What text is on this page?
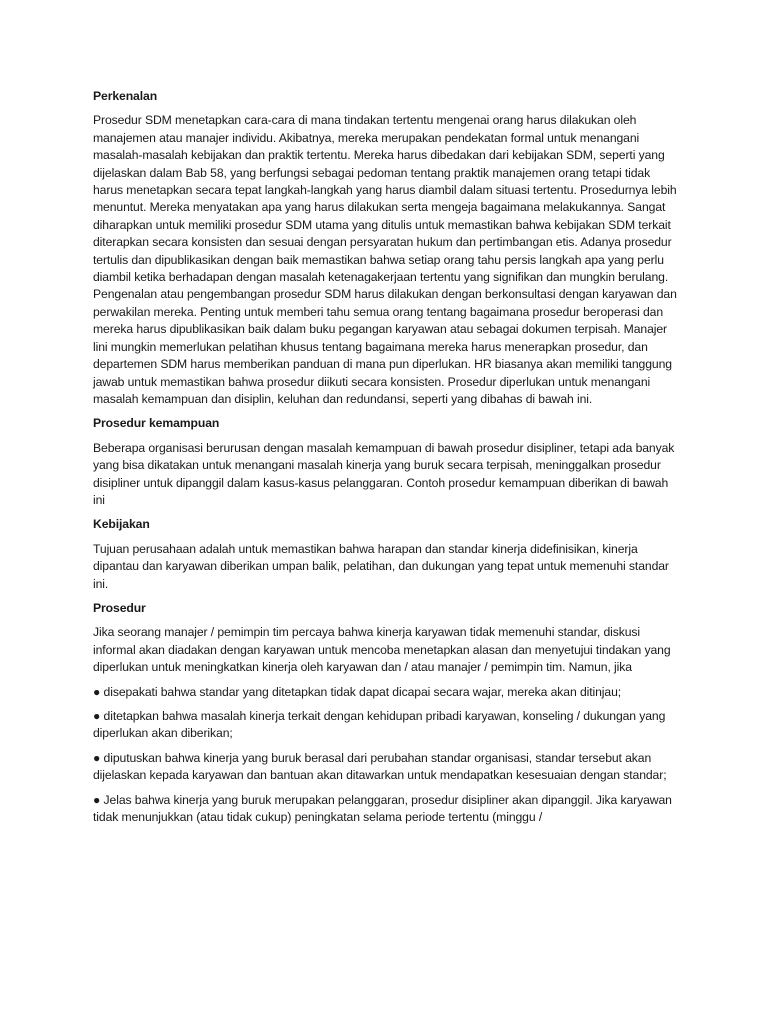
Perkenalan

Prosedur SDM menetapkan cara-cara di mana tindakan tertentu mengenai orang harus dilakukan oleh manajemen atau manajer individu. Akibatnya, mereka merupakan pendekatan formal untuk menangani masalah-masalah kebijakan dan praktik tertentu. Mereka harus dibedakan dari kebijakan SDM, seperti yang dijelaskan dalam Bab 58, yang berfungsi sebagai pedoman tentang praktik manajemen orang tetapi tidak harus menetapkan secara tepat langkah-langkah yang harus diambil dalam situasi tertentu. Prosedurnya lebih menuntut. Mereka menyatakan apa yang harus dilakukan serta mengeja bagaimana melakukannya. Sangat diharapkan untuk memiliki prosedur SDM utama yang ditulis untuk memastikan bahwa kebijakan SDM terkait diterapkan secara konsisten dan sesuai dengan persyaratan hukum dan pertimbangan etis. Adanya prosedur tertulis dan dipublikasikan dengan baik memastikan bahwa setiap orang tahu persis langkah apa yang perlu diambil ketika berhadapan dengan masalah ketenagakerjaan tertentu yang signifikan dan mungkin berulang. Pengenalan atau pengembangan prosedur SDM harus dilakukan dengan berkonsultasi dengan karyawan dan perwakilan mereka. Penting untuk memberi tahu semua orang tentang bagaimana prosedur beroperasi dan mereka harus dipublikasikan baik dalam buku pegangan karyawan atau sebagai dokumen terpisah. Manajer lini mungkin memerlukan pelatihan khusus tentang bagaimana mereka harus menerapkan prosedur, dan departemen SDM harus memberikan panduan di mana pun diperlukan. HR biasanya akan memiliki tanggung jawab untuk memastikan bahwa prosedur diikuti secara konsisten. Prosedur diperlukan untuk menangani masalah kemampuan dan disiplin, keluhan dan redundansi, seperti yang dibahas di bawah ini.

Prosedur kemampuan

Beberapa organisasi berurusan dengan masalah kemampuan di bawah prosedur disipliner, tetapi ada banyak yang bisa dikatakan untuk menangani masalah kinerja yang buruk secara terpisah, meninggalkan prosedur disipliner untuk dipanggil dalam kasus-kasus pelanggaran. Contoh prosedur kemampuan diberikan di bawah ini

Kebijakan

Tujuan perusahaan adalah untuk memastikan bahwa harapan dan standar kinerja didefinisikan, kinerja dipantau dan karyawan diberikan umpan balik, pelatihan, dan dukungan yang tepat untuk memenuhi standar ini.

Prosedur

Jika seorang manajer / pemimpin tim percaya bahwa kinerja karyawan tidak memenuhi standar, diskusi informal akan diadakan dengan karyawan untuk mencoba menetapkan alasan dan menyetujui tindakan yang diperlukan untuk meningkatkan kinerja oleh karyawan dan / atau manajer / pemimpin tim. Namun, jika

● disepakati bahwa standar yang ditetapkan tidak dapat dicapai secara wajar, mereka akan ditinjau;

● ditetapkan bahwa masalah kinerja terkait dengan kehidupan pribadi karyawan, konseling / dukungan yang diperlukan akan diberikan;

● diputuskan bahwa kinerja yang buruk berasal dari perubahan standar organisasi, standar tersebut akan dijelaskan kepada karyawan dan bantuan akan ditawarkan untuk mendapatkan kesesuaian dengan standar;

● Jelas bahwa kinerja yang buruk merupakan pelanggaran, prosedur disipliner akan dipanggil. Jika karyawan tidak menunjukkan (atau tidak cukup) peningkatan selama periode tertentu (minggu /
